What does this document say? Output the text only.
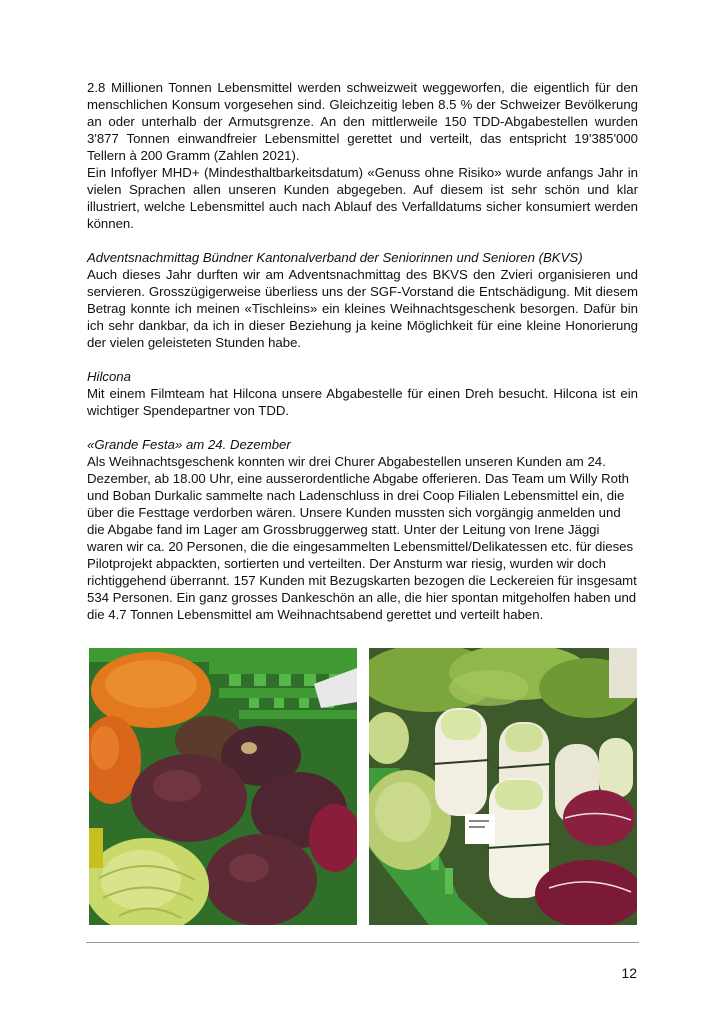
2.8 Millionen Tonnen Lebensmittel werden schweizweit weggeworfen, die eigentlich für den menschlichen Konsum vorgesehen sind. Gleichzeitig leben 8.5 % der Schweizer Bevölkerung an oder unterhalb der Armutsgrenze. An den mittlerweile 150 TDD-Abgabestellen wurden 3'877 Tonnen einwandfreier Lebensmittel gerettet und verteilt, das entspricht 19'385'000 Tellern à 200 Gramm (Zahlen 2021).

Ein Infoflyer MHD+ (Mindesthaltbarkeitsdatum) «Genuss ohne Risiko» wurde anfangs Jahr in vielen Sprachen allen unseren Kunden abgegeben. Auf diesem ist sehr schön und klar illustriert, welche Lebensmittel auch nach Ablauf des Verfalldatums sicher konsumiert werden können.

Adventsnachmittag Bündner Kantonalverband der Seniorinnen und Senioren (BKVS)

Auch dieses Jahr durften wir am Adventsnachmittag des BKVS den Zvieri organisieren und servieren. Grosszügigerweise überliess uns der SGF-Vorstand die Entschädigung. Mit diesem Betrag konnte ich meinen «Tischleins» ein kleines Weihnachtsgeschenk besorgen. Dafür bin ich sehr dankbar, da ich in dieser Beziehung ja keine Möglichkeit für eine kleine Honorierung der vielen geleisteten Stunden habe.

Hilcona

Mit einem Filmteam hat Hilcona unsere Abgabestelle für einen Dreh besucht. Hilcona ist ein wichtiger Spendepartner von TDD.

«Grande Festa» am 24. Dezember

Als Weihnachtsgeschenk konnten wir drei Churer Abgabestellen unseren Kunden am 24. Dezember, ab 18.00 Uhr, eine ausserordentliche Abgabe offerieren. Das Team um Willy Roth und Boban Durkalic sammelte nach Ladenschluss in drei Coop Filialen Lebensmittel ein, die über die Festtage verdorben wären. Unsere Kunden mussten sich vorgängig anmelden und die Abgabe fand im Lager am Grossbruggerweg statt. Unter der Leitung von Irene Jäggi waren wir ca. 20 Personen, die die eingesammelten Lebensmittel/Delikatessen etc. für dieses Pilotprojekt abpackten, sortierten und verteilten. Der Ansturm war riesig, wurden wir doch richtiggehend überrannt. 157 Kunden mit Bezugskarten bezogen die Leckereien für insgesamt 534 Personen. Ein ganz grosses Dankeschön an alle, die hier spontan mitgeholfen haben und die 4.7 Tonnen Lebensmittel am Weihnachtsabend gerettet und verteilt haben.

12
